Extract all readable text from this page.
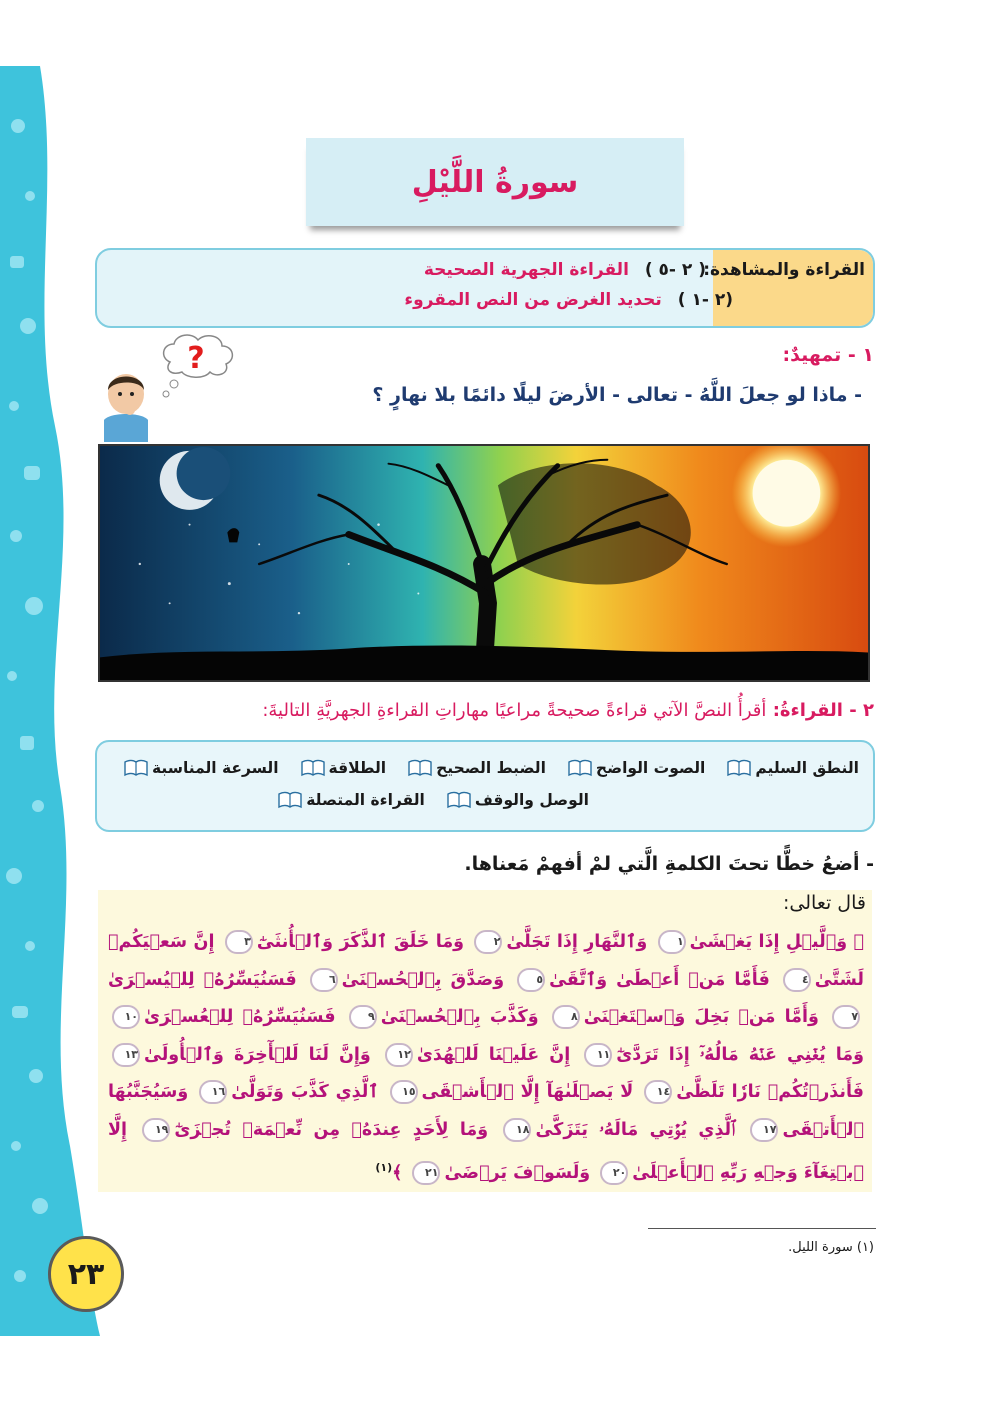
سورةُ اللَّيْلِ
القراءة والمشاهدة:
( ٢ -٥ ) القراءة الجهرية الصحيحة
(٢ -١ ) تحديد الغرض من النص المقروء
?	١ - تمهيدٌ:
- ماذا لو جعلَ اللَّهُ - تعالى - الأرضَ ليلًا دائمًا بلا نهارٍ ؟
٢ - القراءةُ: أقرأُ النصَّ الآتي قراءةً صحيحةً مراعيًا مهاراتِ القراءةِ الجهريَّةِ التاليةَ:
النطق السليم
الصوت الواضح
الضبط الصحيح
الطلاقة
السرعة المناسبة
الوصل والوقف
القراءة المتصلة
- أضعُ خطًّا تحتَ الكلمةِ الَّتي لمْ أفهمْ مَعناها.
قال تعالى:
﴿ وَٱلَّيۡلِ إِذَا يَغۡشَىٰ١ وَٱلنَّهَارِ إِذَا تَجَلَّىٰ٢ وَمَا خَلَقَ ٱلذَّكَرَ وَٱلۡأُنثَىٰٓ٣ إِنَّ سَعۡيَكُمۡ لَشَتَّىٰ٤ فَأَمَّا مَنۡ أَعۡطَىٰ وَٱتَّقَىٰ٥ وَصَدَّقَ بِٱلۡحُسۡنَىٰ٦ فَسَنُيَسِّرُهُۥ لِلۡيُسۡرَىٰ٧ وَأَمَّا مَنۢ بَخِلَ وَٱسۡتَغۡنَىٰ٨ وَكَذَّبَ بِٱلۡحُسۡنَىٰ٩ فَسَنُيَسِّرُهُۥ لِلۡعُسۡرَىٰ١٠ وَمَا يُغۡنِي عَنۡهُ مَالُهُۥٓ إِذَا تَرَدَّىٰٓ١١ إِنَّ عَلَيۡنَا لَلۡهُدَىٰ١٢ وَإِنَّ لَنَا لَلۡأٓخِرَةَ وَٱلۡأُولَىٰ١٣ فَأَنذَرۡتُكُمۡ نَارٗا تَلَظَّىٰ١٤ لَا يَصۡلَىٰهَآ إِلَّا ٱلۡأَشۡقَى١٥ ٱلَّذِي كَذَّبَ وَتَوَلَّىٰ١٦ وَسَيُجَنَّبُهَا ٱلۡأَتۡقَى١٧ ٱلَّذِي يُؤۡتِي مَالَهُۥ يَتَزَكَّىٰ١٨ وَمَا لِأَحَدٍ عِندَهُۥ مِن نِّعۡمَةٖ تُجۡزَىٰٓ١٩ إِلَّا ٱبۡتِغَآءَ وَجۡهِ رَبِّهِ ٱلۡأَعۡلَىٰ٢٠ وَلَسَوۡفَ يَرۡضَىٰ٢١ ﴾$^{(١)}$
(١) سورة الليل.
٢٣
